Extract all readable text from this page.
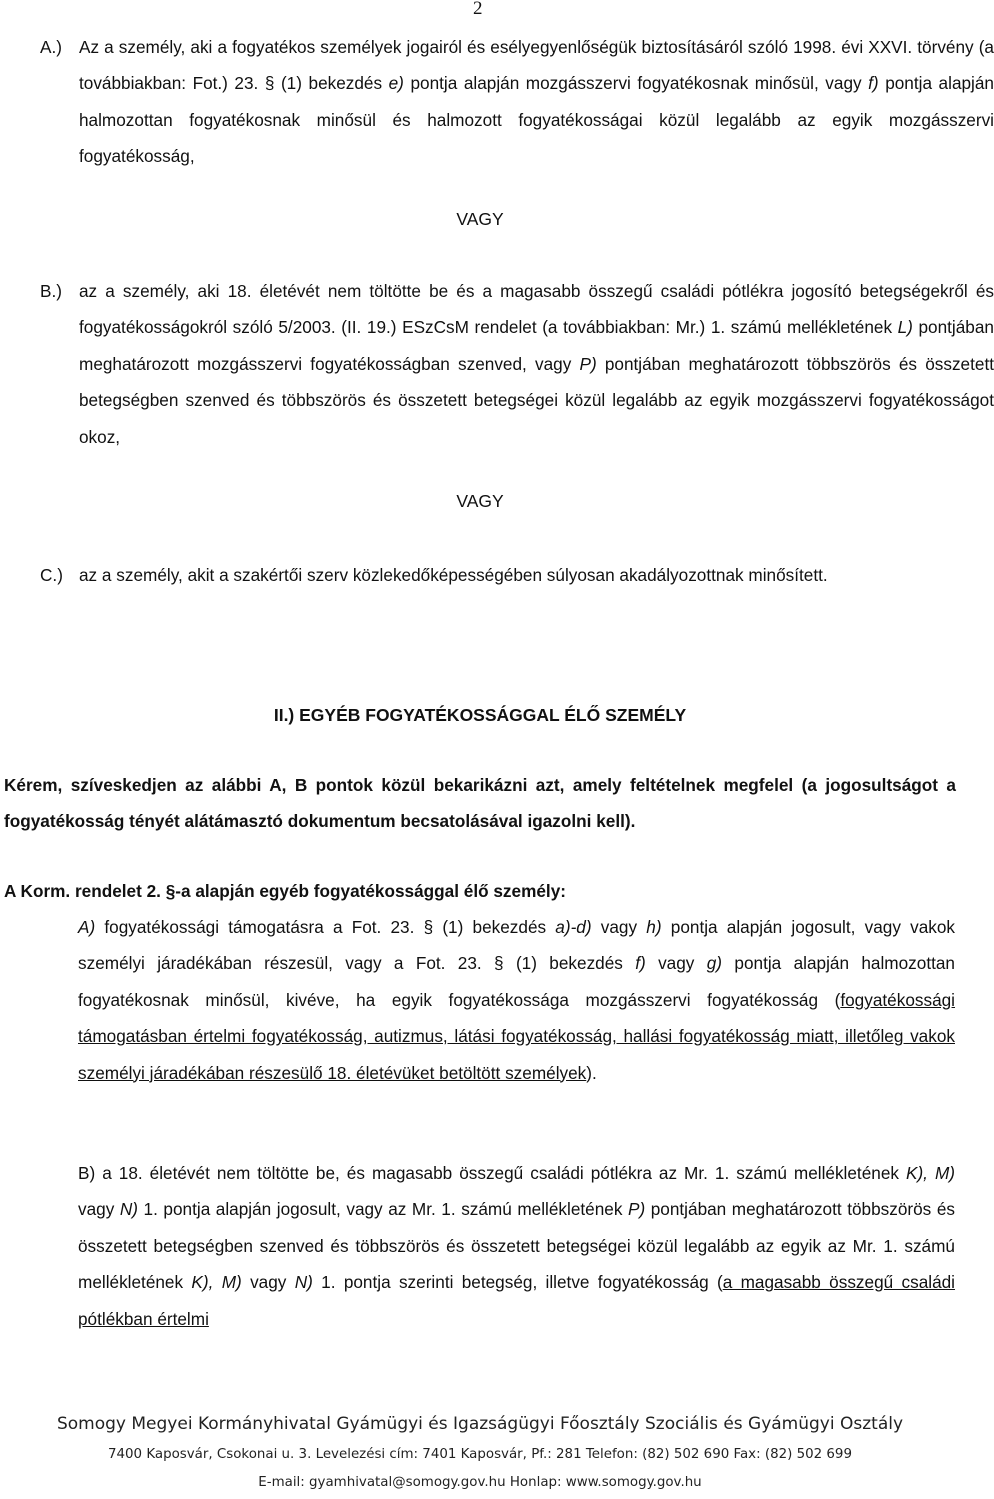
2
A.) Az a személy, aki a fogyatékos személyek jogairól és esélyegyenlőségük biztosításáról szóló 1998. évi XXVI. törvény (a továbbiakban: Fot.) 23. § (1) bekezdés e) pontja alapján mozgásszervi fogyatékosnak minősül, vagy f) pontja alapján halmozottan fogyatékosnak minősül és halmozott fogyatékosságai közül legalább az egyik mozgásszervi fogyatékosság,
VAGY
B.) az a személy, aki 18. életévét nem töltötte be és a magasabb összegű családi pótlékra jogosító betegségekről és fogyatékosságokról szóló 5/2003. (II. 19.) ESzCsM rendelet (a továbbiakban: Mr.) 1. számú mellékletének L) pontjában meghatározott mozgásszervi fogyatékosságban szenved, vagy P) pontjában meghatározott többszörös és összetett betegségben szenved és többszörös és összetett betegségei közül legalább az egyik mozgásszervi fogyatékosságot okoz,
VAGY
C.) az a személy, akit a szakértői szerv közlekedőképességében súlyosan akadályozottnak minősített.
II.) EGYÉB FOGYATÉKOSSÁGGAL ÉLŐ SZEMÉLY
Kérem, szíveskedjen az alábbi A, B pontok közül bekarikázni azt, amely feltételnek megfelel (a jogosultságot a fogyatékosság tényét alátámasztó dokumentum becsatolásával igazolni kell).
A Korm. rendelet 2. §-a alapján egyéb fogyatékossággal élő személy:
A) fogyatékossági támogatásra a Fot. 23. § (1) bekezdés a)-d) vagy h) pontja alapján jogosult, vagy vakok személyi járadékában részesül, vagy a Fot. 23. § (1) bekezdés f) vagy g) pontja alapján halmozottan fogyatékosnak minősül, kivéve, ha egyik fogyatékossága mozgásszervi fogyatékosság (fogyatékossági támogatásban értelmi fogyatékosság, autizmus, látási fogyatékosság, hallási fogyatékosság miatt, illetőleg vakok személyi járadékában részesülő 18. életévüket betöltött személyek).
B) a 18. életévét nem töltötte be, és magasabb összegű családi pótlékra az Mr. 1. számú mellékletének K), M) vagy N) 1. pontja alapján jogosult, vagy az Mr. 1. számú mellékletének P) pontjában meghatározott többszörös és összetett betegségben szenved és többszörös és összetett betegségei közül legalább az egyik az Mr. 1. számú mellékletének K), M) vagy N) 1. pontja szerinti betegség, illetve fogyatékosság (a magasabb összegű családi pótlékban értelmi
Somogy Megyei Kormányhivatal Gyámügyi és Igazságügyi Főosztály Szociális és Gyámügyi Osztály
7400 Kaposvár, Csokonai u. 3. Levelezési cím: 7401 Kaposvár, Pf.: 281 Telefon: (82) 502 690 Fax: (82) 502 699
E-mail: gyamhivatal@somogy.gov.hu Honlap: www.somogy.gov.hu
